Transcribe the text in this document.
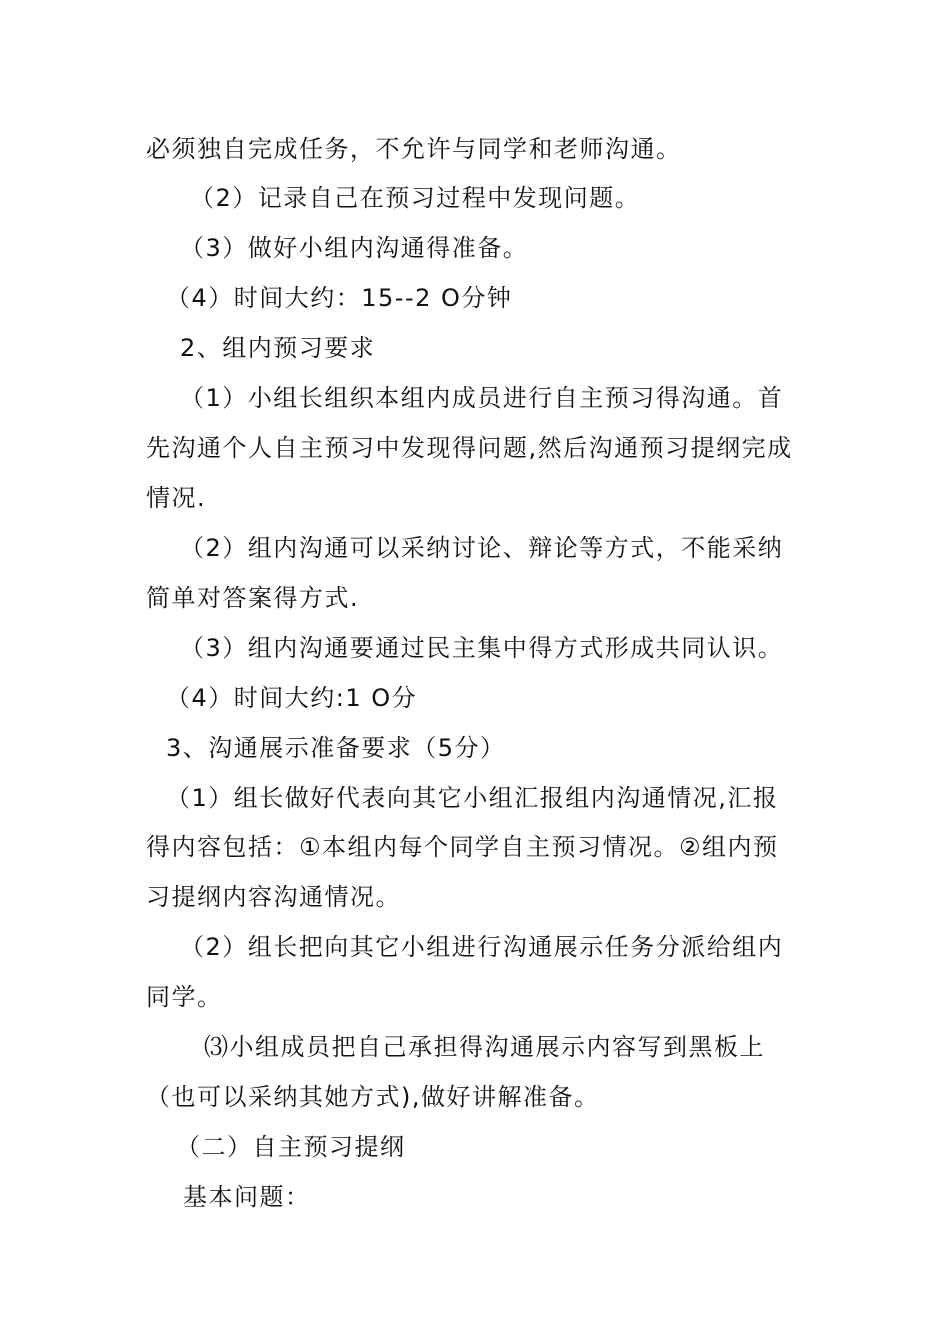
必须独自完成任务，不允许与同学和老师沟通。
（2）记录自己在预习过程中发现问题。
（3）做好小组内沟通得准备。
（4）时间大约：15--2 O分钟
2、组内预习要求
（1）小组长组织本组内成员进行自主预习得沟通。首
先沟通个人自主预习中发现得问题,然后沟通预习提纲完成
情况.
（2）组内沟通可以采纳讨论、辩论等方式，不能采纳
简单对答案得方式.
（3）组内沟通要通过民主集中得方式形成共同认识。
（4）时间大约:1 O分
3、沟通展示准备要求（5分）
（1）组长做好代表向其它小组汇报组内沟通情况,汇报
得内容包括：①本组内每个同学自主预习情况。②组内预
习提纲内容沟通情况。
（2）组长把向其它小组进行沟通展示任务分派给组内
同学。
⑶小组成员把自己承担得沟通展示内容写到黑板上
（也可以采纳其她方式),做好讲解准备。
（二）自主预习提纲
基本问题：
